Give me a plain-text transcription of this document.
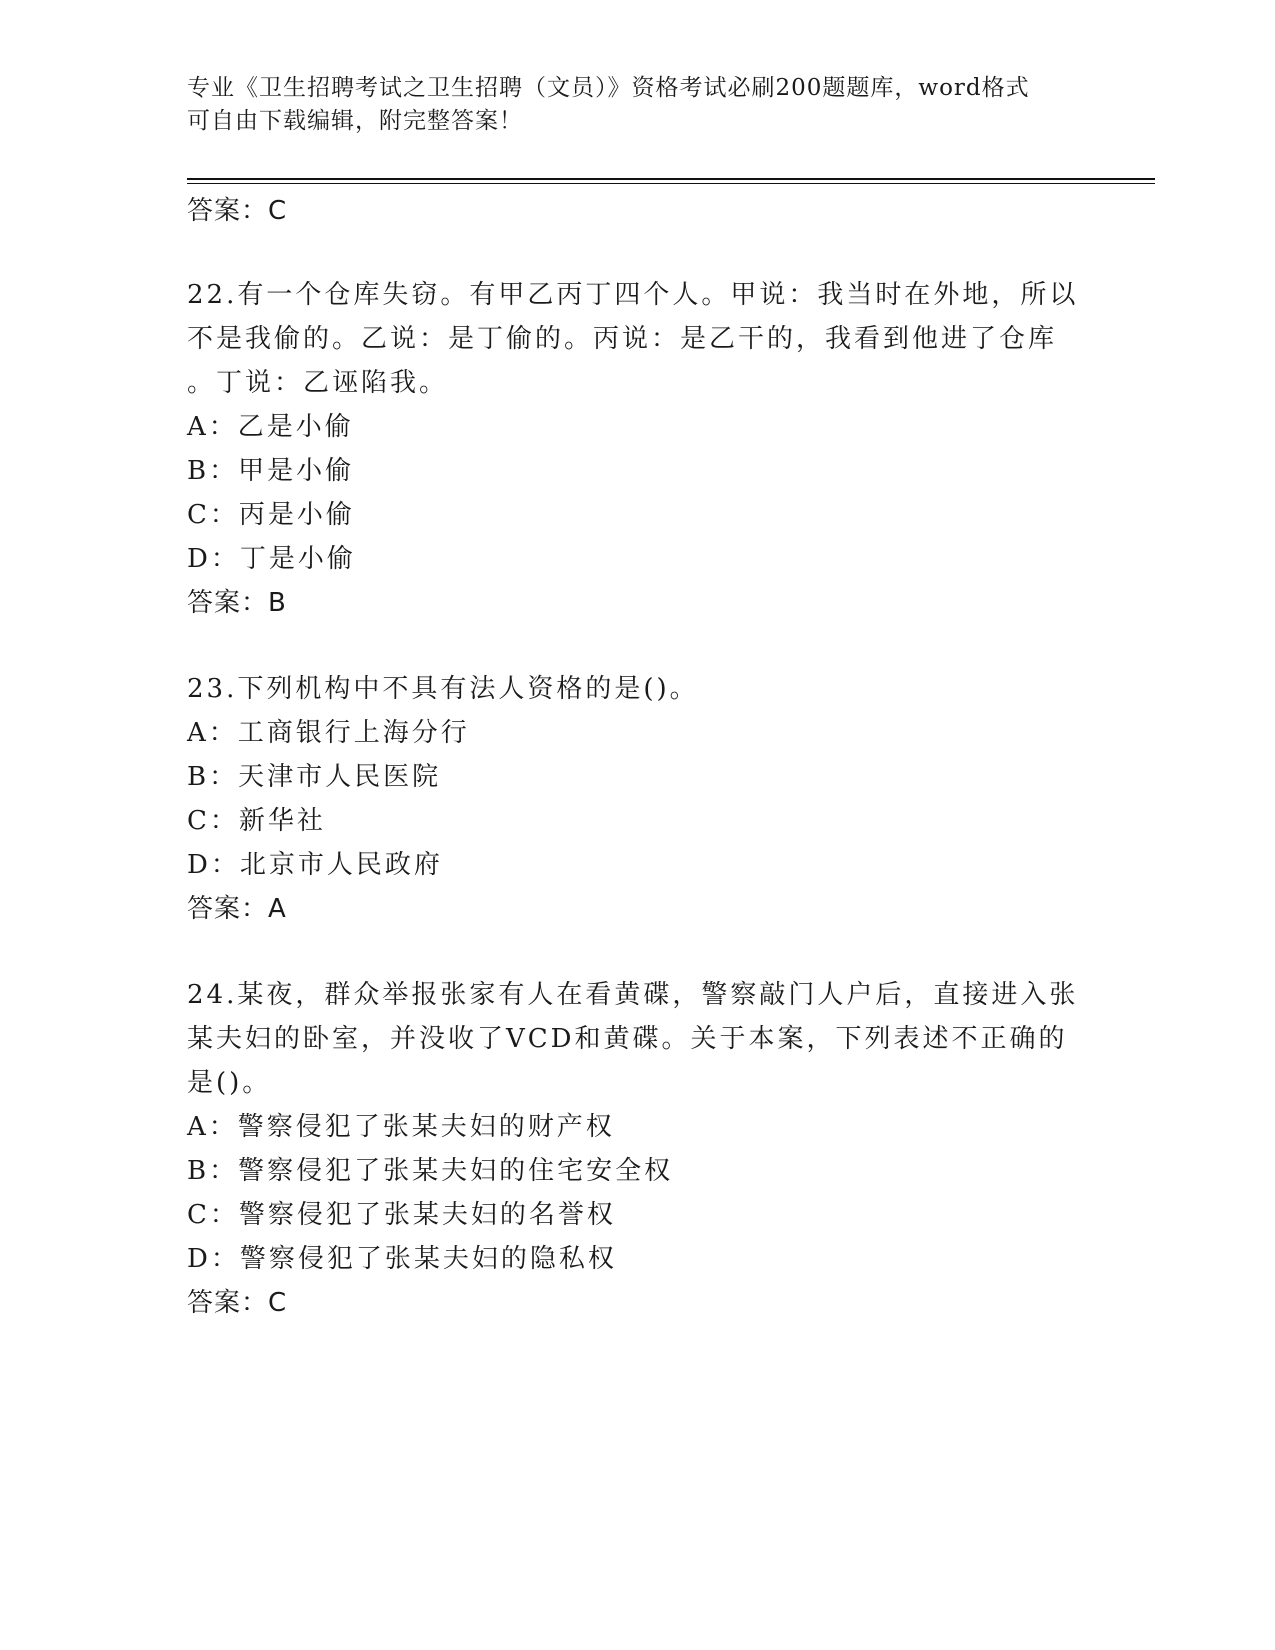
专业《卫生招聘考试之卫生招聘（文员）》资格考试必刷200题题库，word格式
可自由下载编辑，附完整答案！
答案：C
22.有一个仓库失窃。有甲乙丙丁四个人。甲说：我当时在外地，所以
不是我偷的。乙说：是丁偷的。丙说：是乙干的，我看到他进了仓库
。丁说：乙诬陷我。
A：乙是小偷
B：甲是小偷
C：丙是小偷
D：丁是小偷
答案：B
23.下列机构中不具有法人资格的是()。
A：工商银行上海分行
B：天津市人民医院
C：新华社
D：北京市人民政府
答案：A
24.某夜，群众举报张家有人在看黄碟，警察敲门人户后，直接进入张
某夫妇的卧室，并没收了VCD和黄碟。关于本案，下列表述不正确的
是()。
A：警察侵犯了张某夫妇的财产权
B：警察侵犯了张某夫妇的住宅安全权
C：警察侵犯了张某夫妇的名誉权
D：警察侵犯了张某夫妇的隐私权
答案：C
